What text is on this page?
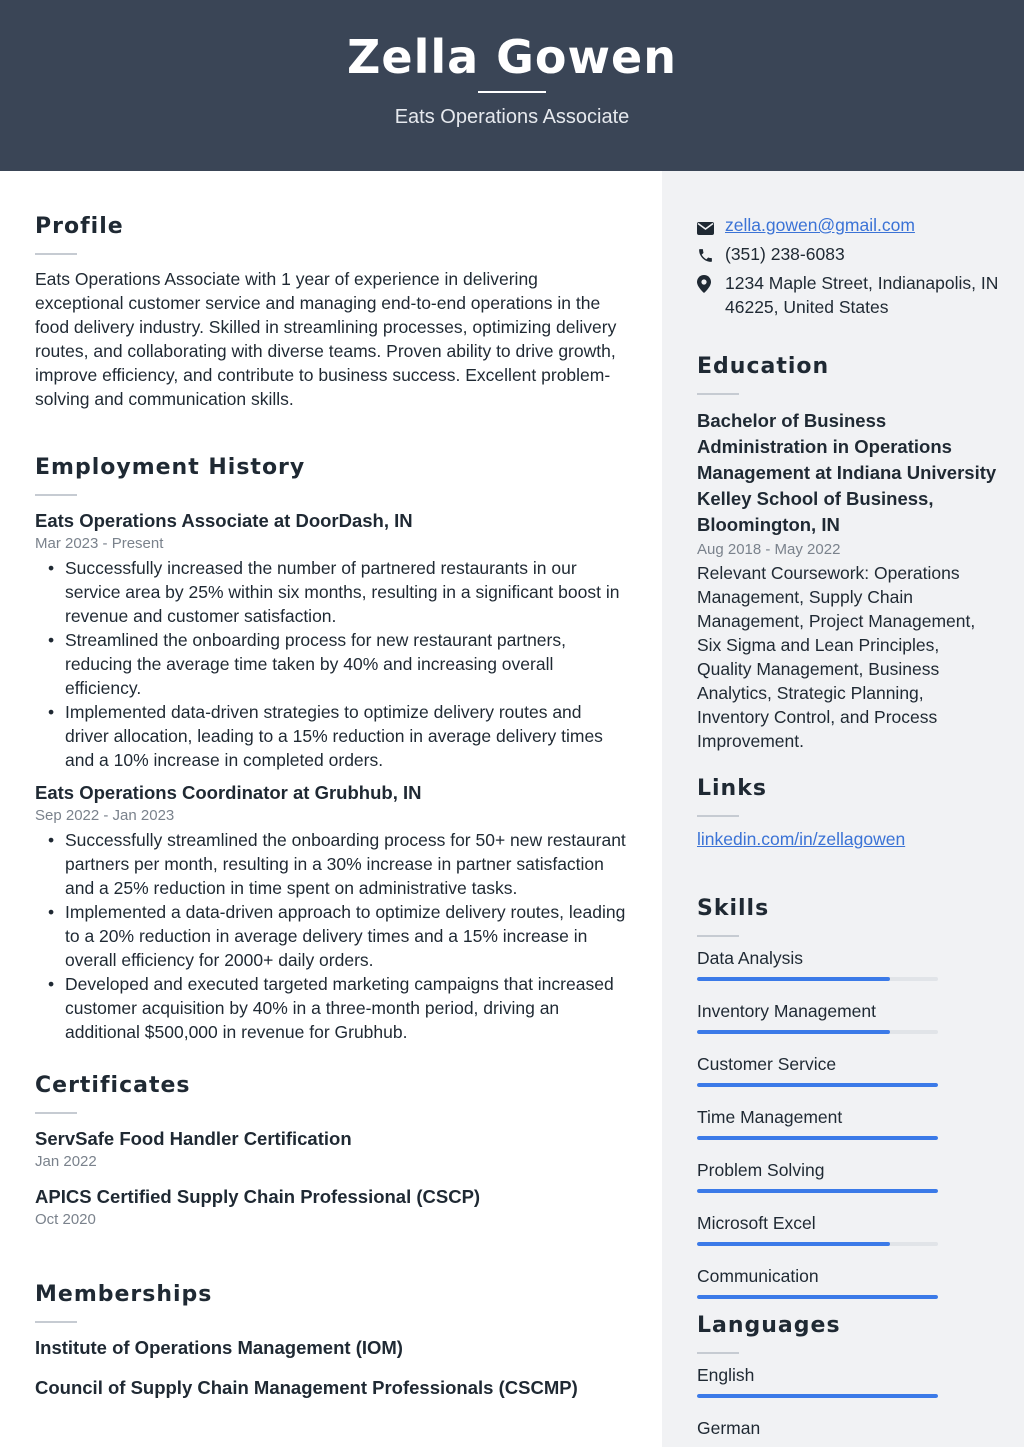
Zella Gowen
Eats Operations Associate
Profile
Eats Operations Associate with 1 year of experience in delivering exceptional customer service and managing end-to-end operations in the food delivery industry. Skilled in streamlining processes, optimizing delivery routes, and collaborating with diverse teams. Proven ability to drive growth, improve efficiency, and contribute to business success. Excellent problem-solving and communication skills.
Employment History
Eats Operations Associate at DoorDash, IN
Mar 2023 - Present
• Successfully increased the number of partnered restaurants in our service area by 25% within six months, resulting in a significant boost in revenue and customer satisfaction.
• Streamlined the onboarding process for new restaurant partners, reducing the average time taken by 40% and increasing overall efficiency.
• Implemented data-driven strategies to optimize delivery routes and driver allocation, leading to a 15% reduction in average delivery times and a 10% increase in completed orders.
Eats Operations Coordinator at Grubhub, IN
Sep 2022 - Jan 2023
• Successfully streamlined the onboarding process for 50+ new restaurant partners per month, resulting in a 30% increase in partner satisfaction and a 25% reduction in time spent on administrative tasks.
• Implemented a data-driven approach to optimize delivery routes, leading to a 20% reduction in average delivery times and a 15% increase in overall efficiency for 2000+ daily orders.
• Developed and executed targeted marketing campaigns that increased customer acquisition by 40% in a three-month period, driving an additional $500,000 in revenue for Grubhub.
Certificates
ServSafe Food Handler Certification
Jan 2022
APICS Certified Supply Chain Professional (CSCP)
Oct 2020
Memberships
Institute of Operations Management (IOM)
Council of Supply Chain Management Professionals (CSCMP)
zella.gowen@gmail.com
(351) 238-6083
1234 Maple Street, Indianapolis, IN
46225, United States
Education
Bachelor of Business Administration in Operations Management at Indiana University Kelley School of Business, Bloomington, IN
Aug 2018 - May 2022
Relevant Coursework: Operations Management, Supply Chain Management, Project Management, Six Sigma and Lean Principles, Quality Management, Business Analytics, Strategic Planning, Inventory Control, and Process Improvement.
Links
linkedin.com/in/zellagowen
Skills
Data Analysis
Inventory Management
Customer Service
Time Management
Problem Solving
Microsoft Excel
Communication
Languages
English
German
